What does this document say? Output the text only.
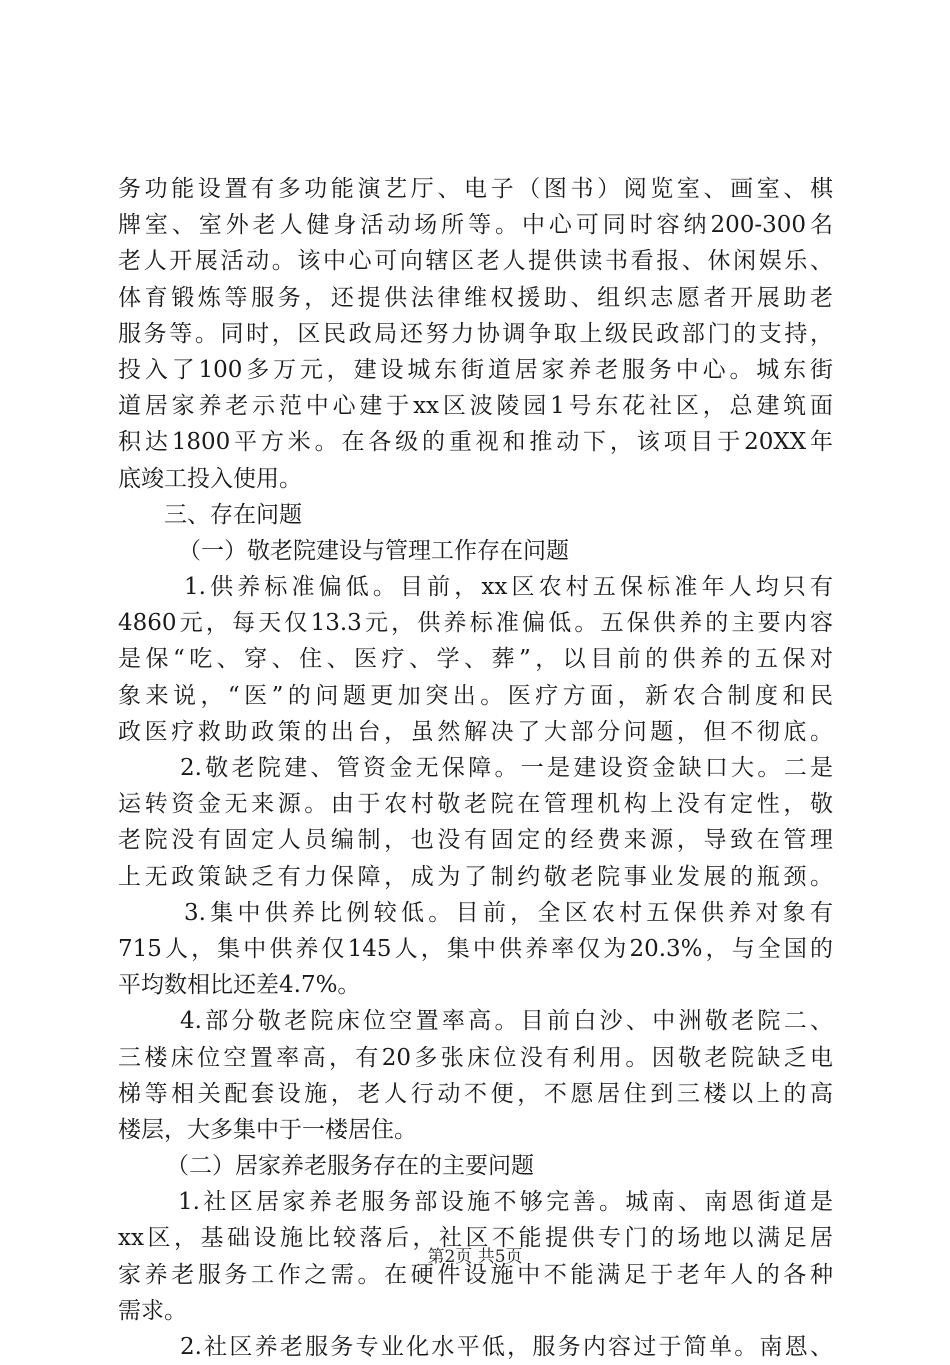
务功能设置有多功能演艺厅、电子（图书）阅览室、画室、棋
牌室、室外老人健身活动场所等。中心可同时容纳200-300名
老人开展活动。该中心可向辖区老人提供读书看报、休闲娱乐、
体育锻炼等服务，还提供法律维权援助、组织志愿者开展助老
服务等。同时，区民政局还努力协调争取上级民政部门的支持，
投入了100多万元，建设城东街道居家养老服务中心。城东街
道居家养老示范中心建于xx区波陵园1号东花社区，总建筑面
积达1800平方米。在各级的重视和推动下，该项目于20XX年
底竣工投入使用。
三、存在问题
（一）敬老院建设与管理工作存在问题
1.供养标准偏低。目前，xx区农村五保标准年人均只有
4860元，每天仅13.3元，供养标准偏低。五保供养的主要内容
是保“吃、穿、住、医疗、学、葬”，以目前的供养的五保对
象来说，“医”的问题更加突出。医疗方面，新农合制度和民
政医疗救助政策的出台，虽然解决了大部分问题，但不彻底。
2.敬老院建、管资金无保障。一是建设资金缺口大。二是
运转资金无来源。由于农村敬老院在管理机构上没有定性，敬
老院没有固定人员编制，也没有固定的经费来源，导致在管理
上无政策缺乏有力保障，成为了制约敬老院事业发展的瓶颈。
3.集中供养比例较低。目前，全区农村五保供养对象有
715人，集中供养仅145人，集中供养率仅为20.3%，与全国的
平均数相比还差4.7%。
4.部分敬老院床位空置率高。目前白沙、中洲敬老院二、
三楼床位空置率高，有20多张床位没有利用。因敬老院缺乏电
梯等相关配套设施，老人行动不便，不愿居住到三楼以上的高
楼层，大多集中于一楼居住。
（二）居家养老服务存在的主要问题
1.社区居家养老服务部设施不够完善。城南、南恩街道是
xx区，基础设施比较落后，社区不能提供专门的场地以满足居
家养老服务工作之需。在硬件设施中不能满足于老年人的各种
需求。
2.社区养老服务专业化水平低，服务内容过于简单。南恩、
第2页 共5页
